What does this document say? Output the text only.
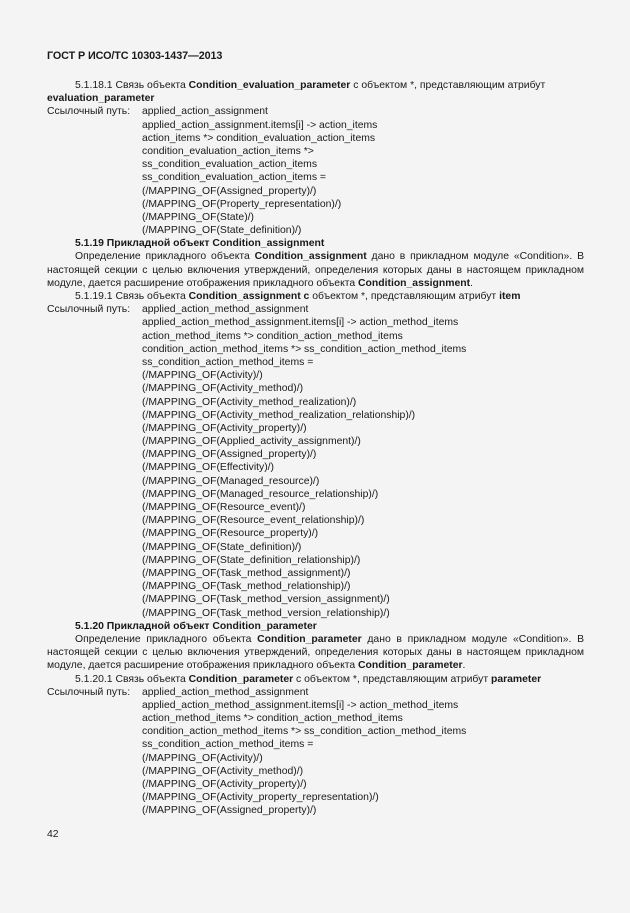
ГОСТ Р ИСО/ТС 10303-1437—2013
5.1.18.1 Связь объекта Condition_evaluation_parameter с объектом *, представляющим атрибут
evaluation_parameter
Ссылочный путь:	applied_action_assignment
applied_action_assignment.items[i] -> action_items
action_items *> condition_evaluation_action_items
condition_evaluation_action_items *>
ss_condition_evaluation_action_items
ss_condition_evaluation_action_items =
(/MAPPING_OF(Assigned_property)/)
(/MAPPING_OF(Property_representation)/)
(/MAPPING_OF(State)/)
(/MAPPING_OF(State_definition)/)
5.1.19 Прикладной объект Condition_assignment
Определение прикладного объекта Condition_assignment дано в прикладном модуле «Condition». В настоящей секции с целью включения утверждений, определения которых даны в настоящем прикладном модуле, дается расширение отображения прикладного объекта Condition_assignment.
5.1.19.1 Связь объекта Condition_assignment c объектом *, представляющим атрибут item
Ссылочный путь:	applied_action_method_assignment
applied_action_method_assignment.items[i] -> action_method_items
action_method_items *> condition_action_method_items
condition_action_method_items *> ss_condition_action_method_items
ss_condition_action_method_items =
(/MAPPING_OF(Activity)/)
(/MAPPING_OF(Activity_method)/)
(/MAPPING_OF(Activity_method_realization)/)
(/MAPPING_OF(Activity_method_realization_relationship)/)
(/MAPPING_OF(Activity_property)/)
(/MAPPING_OF(Applied_activity_assignment)/)
(/MAPPING_OF(Assigned_property)/)
(/MAPPING_OF(Effectivity)/)
(/MAPPING_OF(Managed_resource)/)
(/MAPPING_OF(Managed_resource_relationship)/)
(/MAPPING_OF(Resource_event)/)
(/MAPPING_OF(Resource_event_relationship)/)
(/MAPPING_OF(Resource_property)/)
(/MAPPING_OF(State_definition)/)
(/MAPPING_OF(State_definition_relationship)/)
(/MAPPING_OF(Task_method_assignment)/)
(/MAPPING_OF(Task_method_relationship)/)
(/MAPPING_OF(Task_method_version_assignment)/)
(/MAPPING_OF(Task_method_version_relationship)/)
5.1.20 Прикладной объект Condition_parameter
Определение прикладного объекта Condition_parameter дано в прикладном модуле «Condition». В настоящей секции с целью включения утверждений, определения которых даны в настоящем прикладном модуле, дается расширение отображения прикладного объекта Condition_parameter.
5.1.20.1 Связь объекта Condition_parameter с объектом *, представляющим атрибут parameter
Ссылочный путь:	applied_action_method_assignment
applied_action_method_assignment.items[i] -> action_method_items
action_method_items *> condition_action_method_items
condition_action_method_items *> ss_condition_action_method_items
ss_condition_action_method_items =
(/MAPPING_OF(Activity)/)
(/MAPPING_OF(Activity_method)/)
(/MAPPING_OF(Activity_property)/)
(/MAPPING_OF(Activity_property_representation)/)
(/MAPPING_OF(Assigned_property)/)
42
